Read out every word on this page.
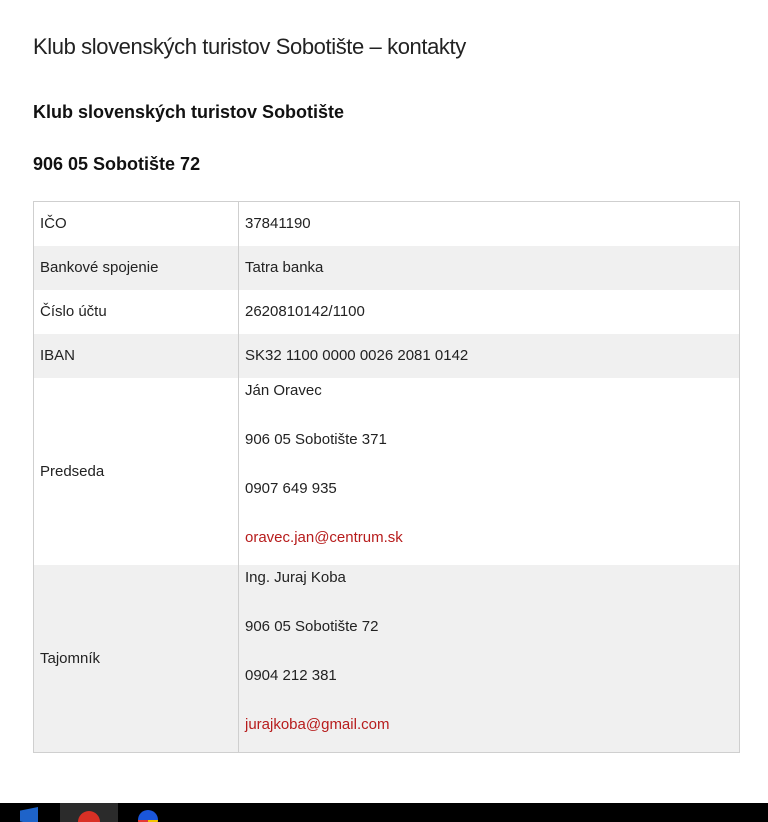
Klub slovenských turistov Sobotište – kontakty
Klub slovenských turistov Sobotište
906 05 Sobotište 72
IČO	37841190
Bankové spojenie	Tatra banka
Číslo účtu	2620810142/1100
IBAN	SK32 1100 0000 0026 2081 0142
Predseda	Ján Oravec

906 05 Sobotište 371

0907 649 935

oravec.jan@centrum.sk

Tajomník	Ing. Juraj Koba

906 05 Sobotište 72

0904 212 381

jurajkoba@gmail.com
